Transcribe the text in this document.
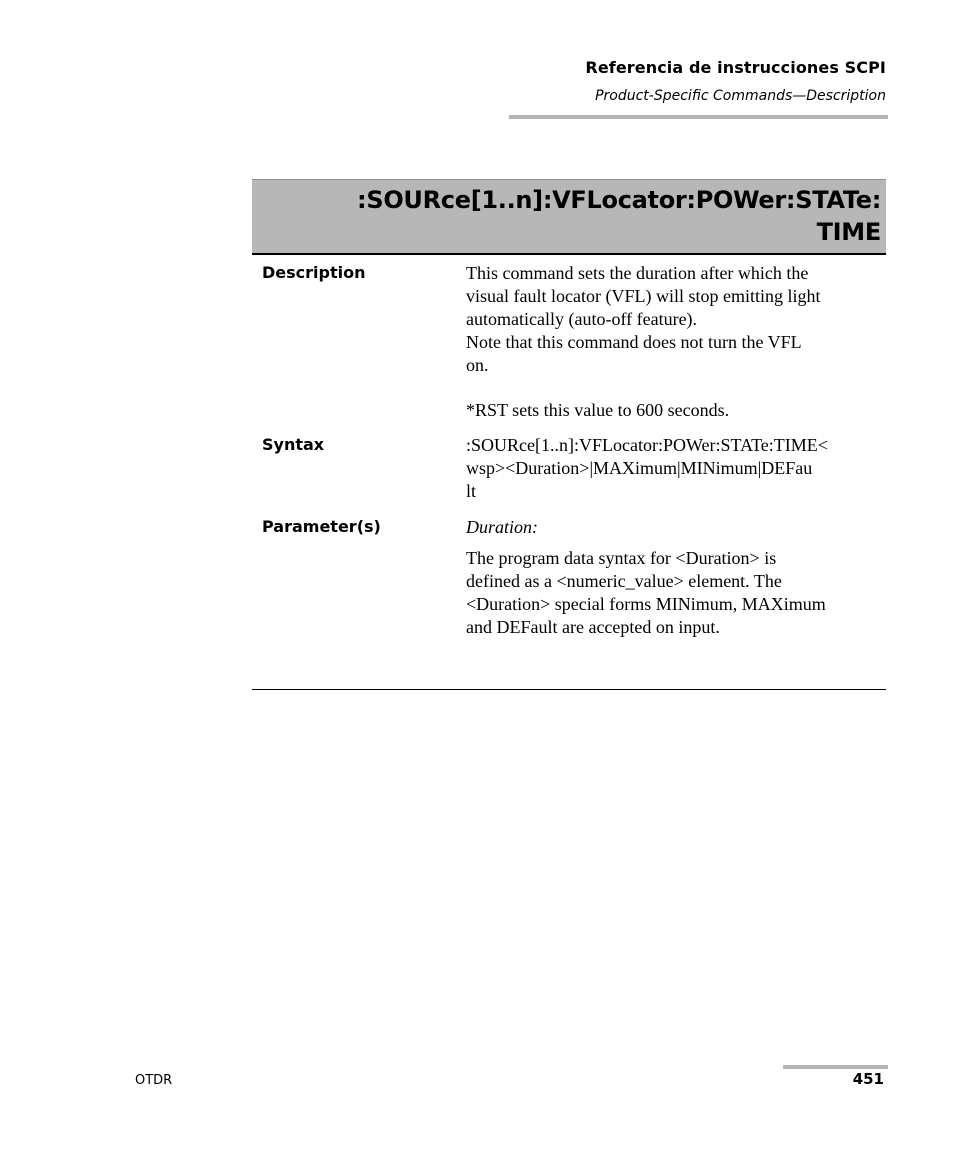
Referencia de instrucciones SCPI
Product-Specific Commands—Description
:SOURce[1..n]:VFLocator:POWer:STATe:
TIME
Description	This command sets the duration after which the

visual fault locator (VFL) will stop emitting light

automatically (auto-off feature).

Note that this command does not turn the VFL

on.

*RST sets this value to 600 seconds.

Syntax	:SOURce[1..n]:VFLocator:POWer:STATe:TIME<

wsp><Duration>|MAXimum|MINimum|DEFau

lt

Parameter(s)	Duration:

The program data syntax for <Duration> is

defined as a <numeric_value> element. The

<Duration> special forms MINimum, MAXimum

and DEFault are accepted on input.

OTDR	451
